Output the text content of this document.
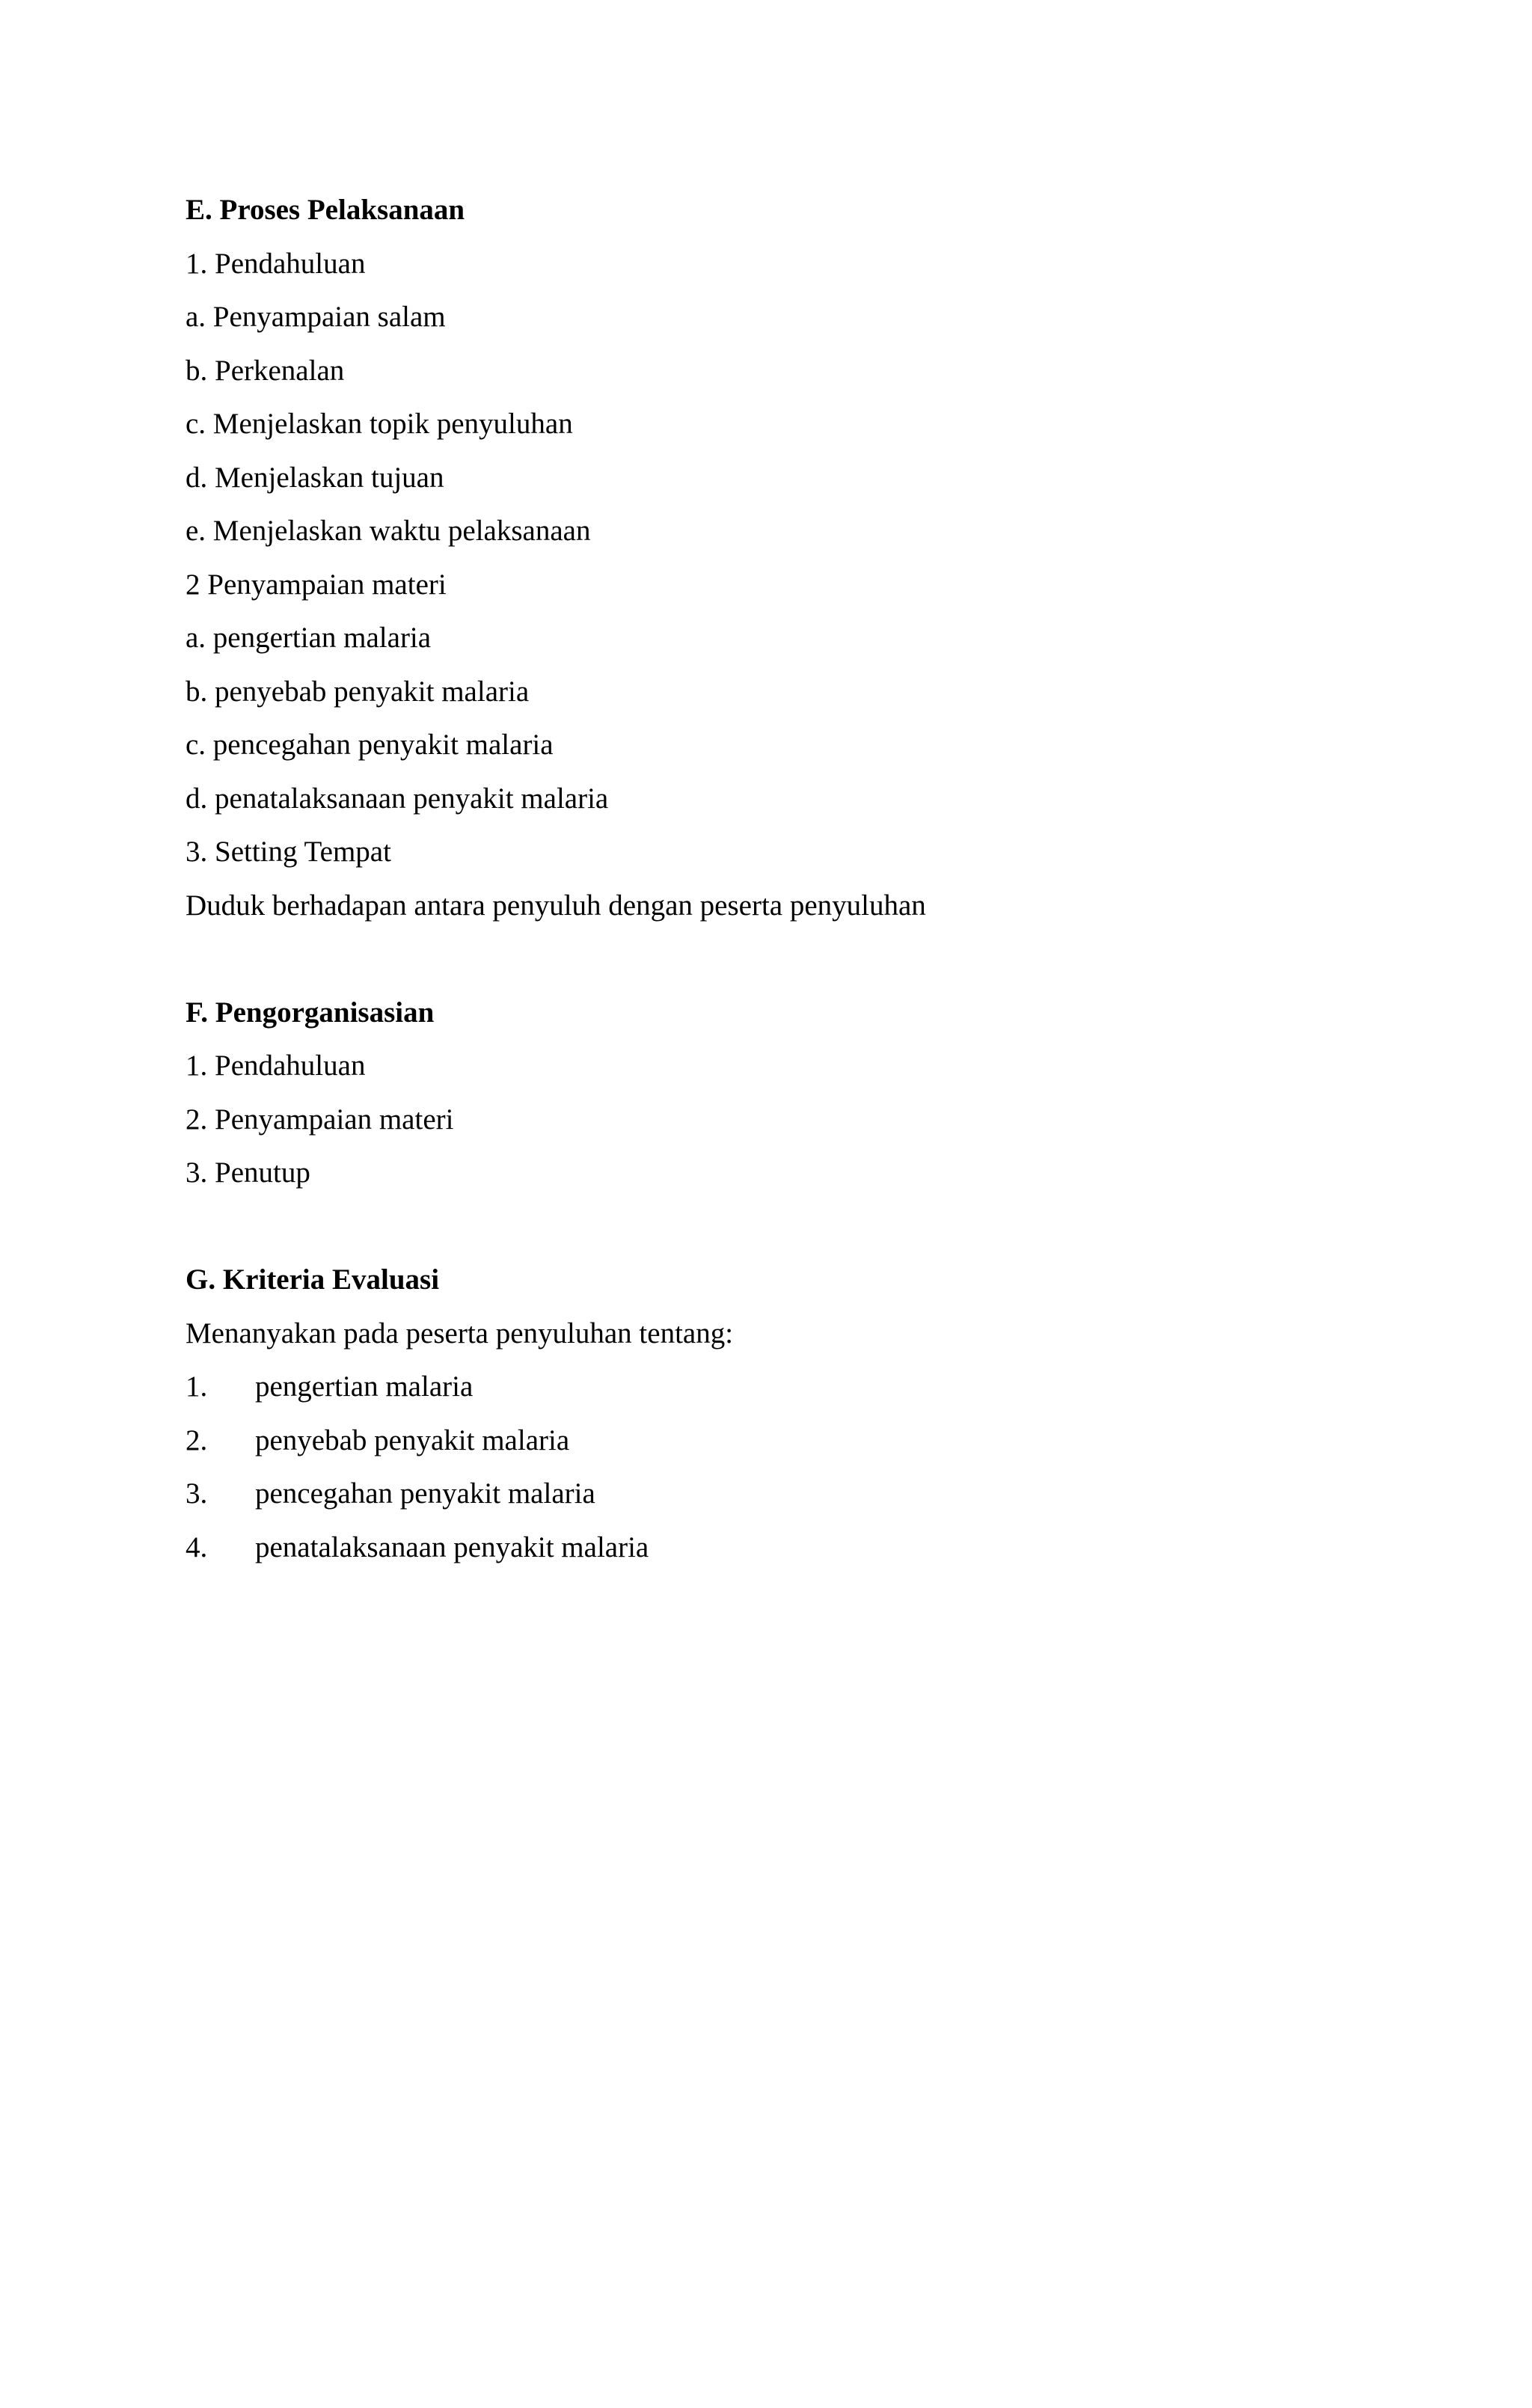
E. Proses Pelaksanaan
1. Pendahuluan
a. Penyampaian salam
b. Perkenalan
c. Menjelaskan topik penyuluhan
d. Menjelaskan tujuan
e. Menjelaskan waktu pelaksanaan
2 Penyampaian materi
a. pengertian malaria
b. penyebab penyakit malaria
c. pencegahan penyakit malaria
d. penatalaksanaan penyakit malaria
3. Setting Tempat
Duduk berhadapan antara penyuluh dengan peserta penyuluhan
F. Pengorganisasian
1. Pendahuluan
2. Penyampaian materi
3. Penutup
G. Kriteria Evaluasi
Menanyakan pada peserta penyuluhan tentang:
1.	pengertian malaria
2.	penyebab penyakit malaria
3.	pencegahan penyakit malaria
4.	penatalaksanaan penyakit malaria
